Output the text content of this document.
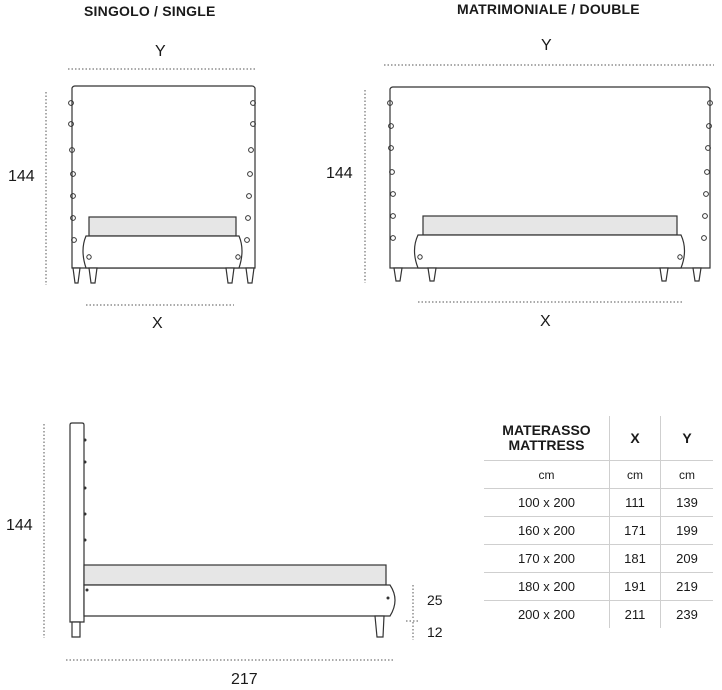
SINGOLO / SINGLE	MATRIMONIALE / DOUBLE
Y
X
144
Y
X
144
144
217
25
12
MATERASSO
MATTRESS	X	Y
cm	cm	cm
100 x 200	111	139
160 x 200	171	199
170 x 200	181	209
180 x 200	191	219
200 x 200	211	239
